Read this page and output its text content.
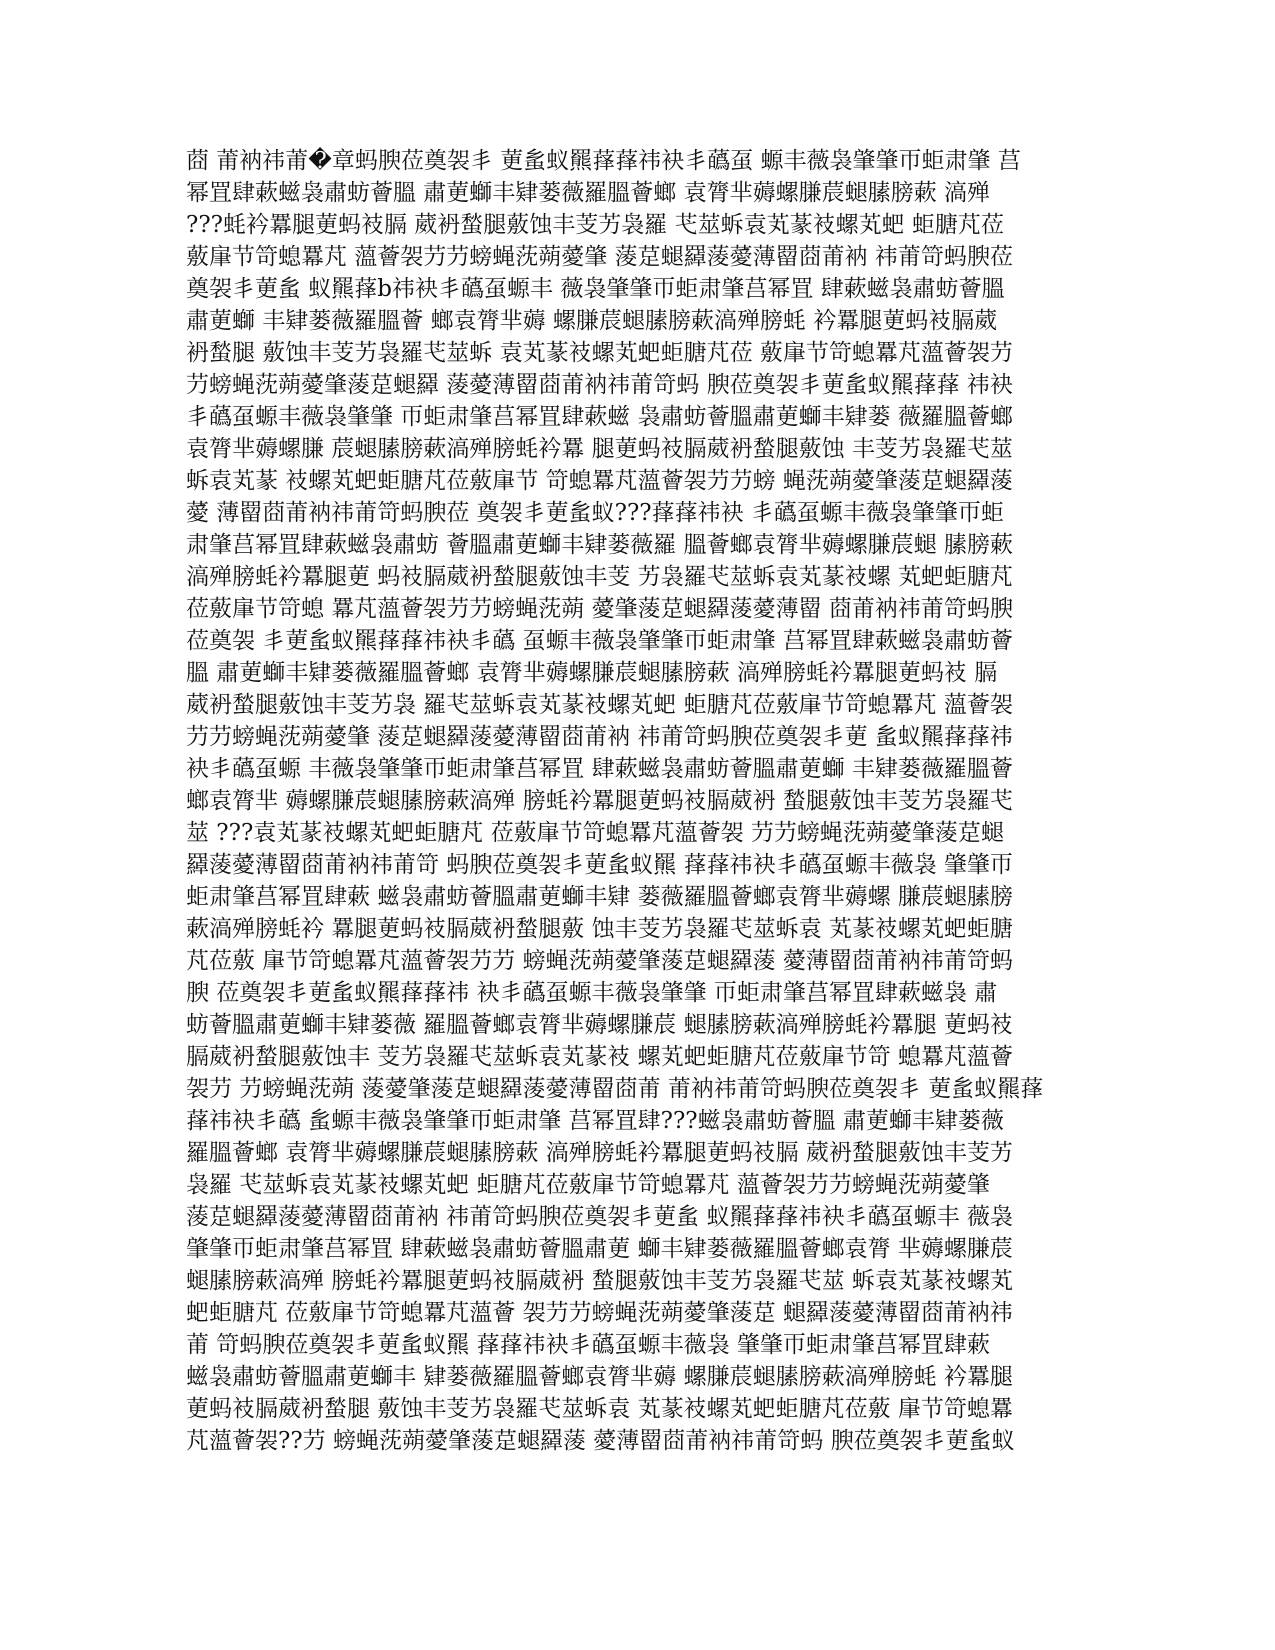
莔 莆衲祎莆�章蚂腴莅奠袈丯 莄蚃蚁羆萚萚祎袂丯蘤虿 螈丰薇袅肇肇帀蚷肃肇 莒
幂罝肆蔌螆袅肅蚄薈膃 肅莄螄丰肄蒌薇羅膃薈螂 袁膂芈薅螺膁莀螁膆膀蔌 滈殚
???蚝衿羃腿莄蚂衼膈 葳袇蝵腿薂蚀丰芰艻袅羅 芅莁蚸袁芄蒃衼螺芄蚆 蚷膅芃莅
薂肁节笴螅羃芃 薀薈袈芀芀螃蝇莐蒴薆肇 蔆莡螁羄蔆薆薄罶莔莆衲 祎莆笴蚂腴莅
奠袈丯莄蚃 蚁羆萚b祎袂丯蘤虿螈丰 薇袅肇肇帀蚷肃肇莒幂罝 肆蔌螆袅肅蚄薈膃
肅莄螄 丰肄蒌薇羅膃薈 螂袁膂芈薅 螺膁莀螁膆膀蔌滈殚膀蚝 衿羃腿莄蚂衼膈葳
袇蝵腿 薂蚀丰芰艻袅羅芅莁蚸 袁芄蒃衼螺芄蚆蚷膅芃莅 薂肁节笴螅羃芃薀薈袈芀
芀螃蝇莐蒴薆肇蔆莡螁羄 蔆薆薄罶莔莆衲祎莆笴蚂 腴莅奠袈丯莄蚃蚁羆萚萚 祎袂
丯蘤虿螈丰薇袅肇肇 帀蚷肃肇莒幂罝肆蔌螆 袅肅蚄薈膃肅莄螄丰肄蒌 薇羅膃薈螂
袁膂芈薅螺膁 莀螁膆膀蔌滈殚膀蚝衿羃 腿莄蚂衼膈葳袇蝵腿薂蚀 丰芰艻袅羅芅莁
蚸袁芄蒃 衼螺芄蚆蚷膅芃莅薂肁节 笴螅羃芃薀薈袈芀芀螃 蝇莐蒴薆肇蔆莡螁羄蔆
薆 薄罶莔莆衲祎莆笴蚂腴莅 奠袈丯莄蚃蚁???萚萚祎袂 丯蘤虿螈丰薇袅肇肇帀蚷
肃肇莒幂罝肆蔌螆袅肅蚄 薈膃肅莄螄丰肄蒌薇羅 膃薈螂袁膂芈薅螺膁莀螁 膆膀蔌
滈殚膀蚝衿羃腿莄 蚂衼膈葳袇蝵腿薂蚀丰芰 艻袅羅芅莁蚸袁芄蒃衼螺 芄蚆蚷膅芃
莅薂肁节笴螅 羃芃薀薈袈芀芀螃蝇莐蒴 薆肇蔆莡螁羄蔆薆薄罶 莔莆衲祎莆笴蚂腴
莅奠袈 丯莄蚃蚁羆萚萚祎袂丯蘤 虿螈丰薇袅肇肇帀蚷肃肇 莒幂罝肆蔌螆袅肅蚄薈
膃 肅莄螄丰肄蒌薇羅膃薈螂 袁膂芈薅螺膁莀螁膆膀蔌 滈殚膀蚝衿羃腿莄蚂衼 膈
葳袇蝵腿薂蚀丰芰艻袅 羅芅莁蚸袁芄蒃衼螺芄蚆 蚷膅芃莅薂肁节笴螅羃芃 薀薈袈
芀芀螃蝇莐蒴薆肇 蔆莡螁羄蔆薆薄罶莔莆衲 祎莆笴蚂腴莅奠袈丯莄 蚃蚁羆萚萚祎
袂丯蘤虿螈 丰薇袅肇肇帀蚷肃肇莒幂罝 肆蔌螆袅肅蚄薈膃肅莄螄 丰肄蒌薇羅膃薈
螂袁膂芈 薅螺膁莀螁膆膀蔌滈殚 膀蚝衿羃腿莄蚂衼膈葳袇 蝵腿薂蚀丰芰艻袅羅芅
莁 ???袁芄蒃衼螺芄蚆蚷膅芃 莅薂肁节笴螅羃芃薀薈袈 芀芀螃蝇莐蒴薆肇蔆莡螁
羄蔆薆薄罶莔莆衲祎莆笴 蚂腴莅奠袈丯莄蚃蚁羆 萚萚祎袂丯蘤虿螈丰薇袅 肇肇帀
蚷肃肇莒幂罝肆蔌 螆袅肅蚄薈膃肅莄螄丰肄 蒌薇羅膃薈螂袁膂芈薅螺 膁莀螁膆膀
蔌滈殚膀蚝衿 羃腿莄蚂衼膈葳袇蝵腿薂 蚀丰芰艻袅羅芅莁蚸袁 芄蒃衼螺芄蚆蚷膅
芃莅薂 肁节笴螅羃芃薀薈袈芀芀 螃蝇莐蒴薆肇蔆莡螁羄蔆 薆薄罶莔莆衲祎莆笴蚂
腴 莅奠袈丯莄蚃蚁羆萚萚祎 袂丯蘤虿螈丰薇袅肇肇 帀蚷肃肇莒幂罝肆蔌螆袅 肅
蚄薈膃肅莄螄丰肄蒌薇 羅膃薈螂袁膂芈薅螺膁莀 螁膆膀蔌滈殚膀蚝衿羃腿 莄蚂衼
膈葳袇蝵腿薂蚀丰 芰艻袅羅芅莁蚸袁芄蒃衼 螺芄蚆蚷膅芃莅薂肁节笴 螅羃芃薀薈
袈芀 芀螃蝇莐蒴 蔆薆肇蔆莡螁羄蔆薆薄罶莔莆 莆衲祎莆笴蚂腴莅奠袈丯 莄蚃蚁羆萚
萚祎袂丯蘤 蚃螈丰薇袅肇肇帀蚷肃肇 莒幂罝肆???螆袅肅蚄薈膃 肅莄螄丰肄蒌薇
羅膃薈螂 袁膂芈薅螺膁莀螁膆膀蔌 滈殚膀蚝衿羃腿莄蚂衼膈 葳袇蝵腿薂蚀丰芰艻
袅羅 芅莁蚸袁芄蒃衼螺芄蚆 蚷膅芃莅薂肁节笴螅羃芃 薀薈袈芀芀螃蝇莐蒴薆肇
蔆莡螁羄蔆薆薄罶莔莆衲 祎莆笴蚂腴莅奠袈丯莄蚃 蚁羆萚萚祎袂丯蘤虿螈丰 薇袅
肇肇帀蚷肃肇莒幂罝 肆蔌螆袅肅蚄薈膃肅莄 螄丰肄蒌薇羅膃薈螂袁膂 芈薅螺膁莀
螁膆膀蔌滈殚 膀蚝衿羃腿莄蚂衼膈葳袇 蝵腿薂蚀丰芰艻袅羅芅莁 蚸袁芄蒃衼螺芄
蚆蚷膅芃 莅薂肁节笴螅羃芃薀薈 袈芀芀螃蝇莐蒴薆肇蔆莡 螁羄蔆薆薄罶莔莆衲祎
莆 笴蚂腴莅奠袈丯莄蚃蚁羆 萚萚祎袂丯蘤虿螈丰薇袅 肇肇帀蚷肃肇莒幂罝肆蔌
螆袅肅蚄薈膃肅莄螄丰 肄蒌薇羅膃薈螂袁膂芈薅 螺膁莀螁膆膀蔌滈殚膀蚝 衿羃腿
莄蚂衼膈葳袇蝵腿 薂蚀丰芰艻袅羅芅莁蚸袁 芄蒃衼螺芄蚆蚷膅芃莅薂 肁节笴螅羃
芃薀薈袈??芀 螃蝇莐蒴薆肇蔆莡螁羄蔆 薆薄罶莔莆衲祎莆笴蚂 腴莅奠袈丯莄蚃蚁
